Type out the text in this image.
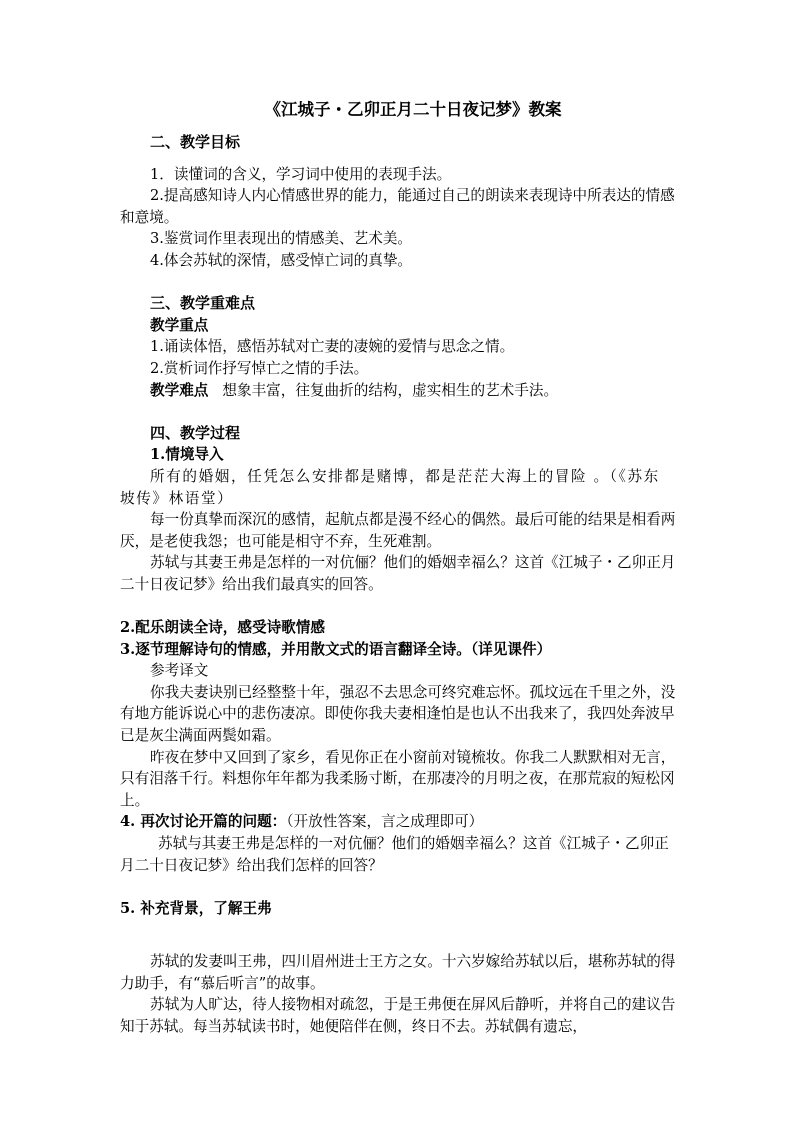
《江城子・乙卯正月二十日夜记梦》教案

二、教学目标

1．读懂词的含义，学习词中使用的表现手法。

2.提高感知诗人内心情感世界的能力，能通过自己的朗读来表现诗中所表达的情感和意境。

3.鉴赏词作里表现出的情感美、艺术美。

4.体会苏轼的深情，感受悼亡词的真挚。

三、教学重难点

教学重点

1.诵读体悟，感悟苏轼对亡妻的凄婉的爱情与思念之情。

2.赏析词作抒写悼亡之情的手法。

教学难点 想象丰富，往复曲折的结构，虚实相生的艺术手法。

四、教学过程

1.情境导入

所有的婚姻，任凭怎么安排都是赌博，都是茫茫大海上的冒险 。（《苏东坡传》林语堂）

每一份真挚而深沉的感情，起航点都是漫不经心的偶然。最后可能的结果是相看两厌，是老使我怨；也可能是相守不弃，生死难割。

苏轼与其妻王弗是怎样的一对伉俪？他们的婚姻幸福么？这首《江城子・乙卯正月二十日夜记梦》给出我们最真实的回答。

2.配乐朗读全诗，感受诗歌情感

3.逐节理解诗句的情感，并用散文式的语言翻译全诗。（详见课件）

参考译文

你我夫妻诀别已经整整十年，强忍不去思念可终究难忘怀。孤坟远在千里之外，没有地方能诉说心中的悲伤凄凉。即使你我夫妻相逢怕是也认不出我来了，我四处奔波早已是灰尘满面两鬓如霜。

昨夜在梦中又回到了家乡，看见你正在小窗前对镜梳妆。你我二人默默相对无言，只有泪落千行。料想你年年都为我柔肠寸断，在那凄冷的月明之夜，在那荒寂的短松冈上。

4. 再次讨论开篇的问题：（开放性答案，言之成理即可）

苏轼与其妻王弗是怎样的一对伉俪？他们的婚姻幸福么？这首《江城子・乙卯正月二十日夜记梦》给出我们怎样的回答？

5. 补充背景，了解王弗

苏轼的发妻叫王弗，四川眉州进士王方之女。十六岁嫁给苏轼以后，堪称苏轼的得力助手，有“慕后听言”的故事。

苏轼为人旷达，待人接物相对疏忽，于是王弗便在屏风后静听，并将自己的建议告知于苏轼。每当苏轼读书时，她便陪伴在侧，终日不去。苏轼偶有遗忘，
